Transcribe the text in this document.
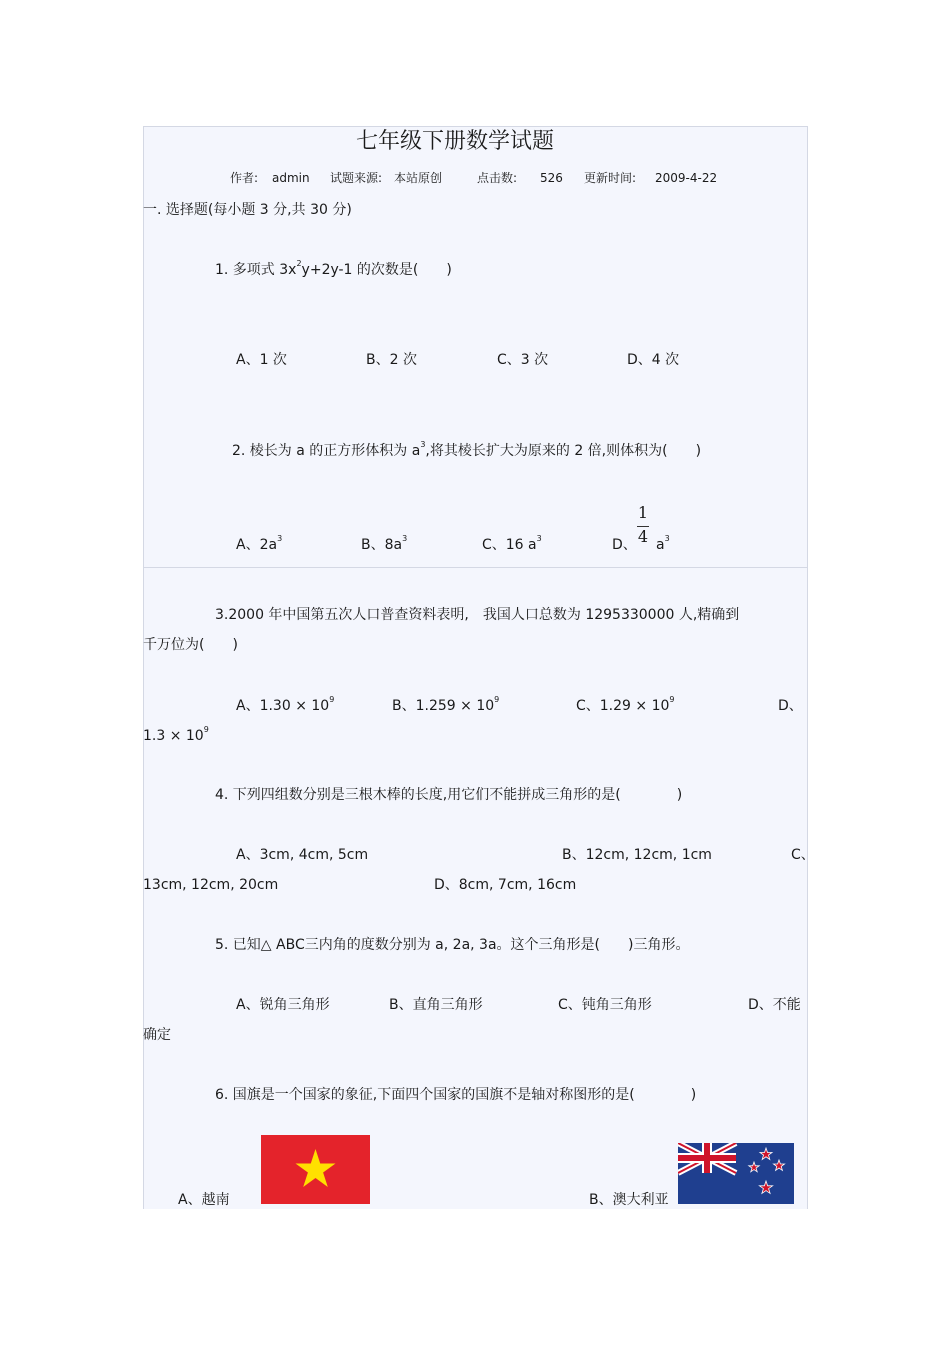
七年级下册数学试题
作者: admin 试题来源: 本站原创	点击数: 526 更新时间: 2009-4-22
一. 选择题(每小题 3 分,共 30 分)
1. 多项式 $3x^2y+2y-1$ 的次数是(　　)
A、1 次	B、2 次	C、3 次	D、4 次
2. 棱长为 a 的正方形体积为 $a^3$,将其棱长扩大为原来的 2 倍,则体积为(　　)
A、$2a^3$	B、$8a^3$	C、16 $a^3$	D、
1
4 $a^3$
3.2000 年中国第五次人口普查资料表明,　我国人口总数为 1295330000 人,精确到
千万位为(　　)
A、$1.30 \times 10^9$	B、$1.259 \times 10^9$	C、$1.29 \times 10^9$	D、
$1.3 \times 10^9$
4. 下列四组数分别是三根木棒的长度,用它们不能拼成三角形的是(　　　　)
A、3cm, 4cm, 5cm	B、12cm, 12cm, 1cm	C、
13cm, 12cm, 20cm	D、8cm, 7cm, 16cm
5. 已知△ ABC三内角的度数分别为 a, 2a, 3a。这个三角形是(　　)三角形。
A、锐角三角形	B、直角三角形	C、钝角三角形	D、不能
确定
6. 国旗是一个国家的象征,下面四个国家的国旗不是轴对称图形的是(　　　　)
A、越南	B、澳大利亚
